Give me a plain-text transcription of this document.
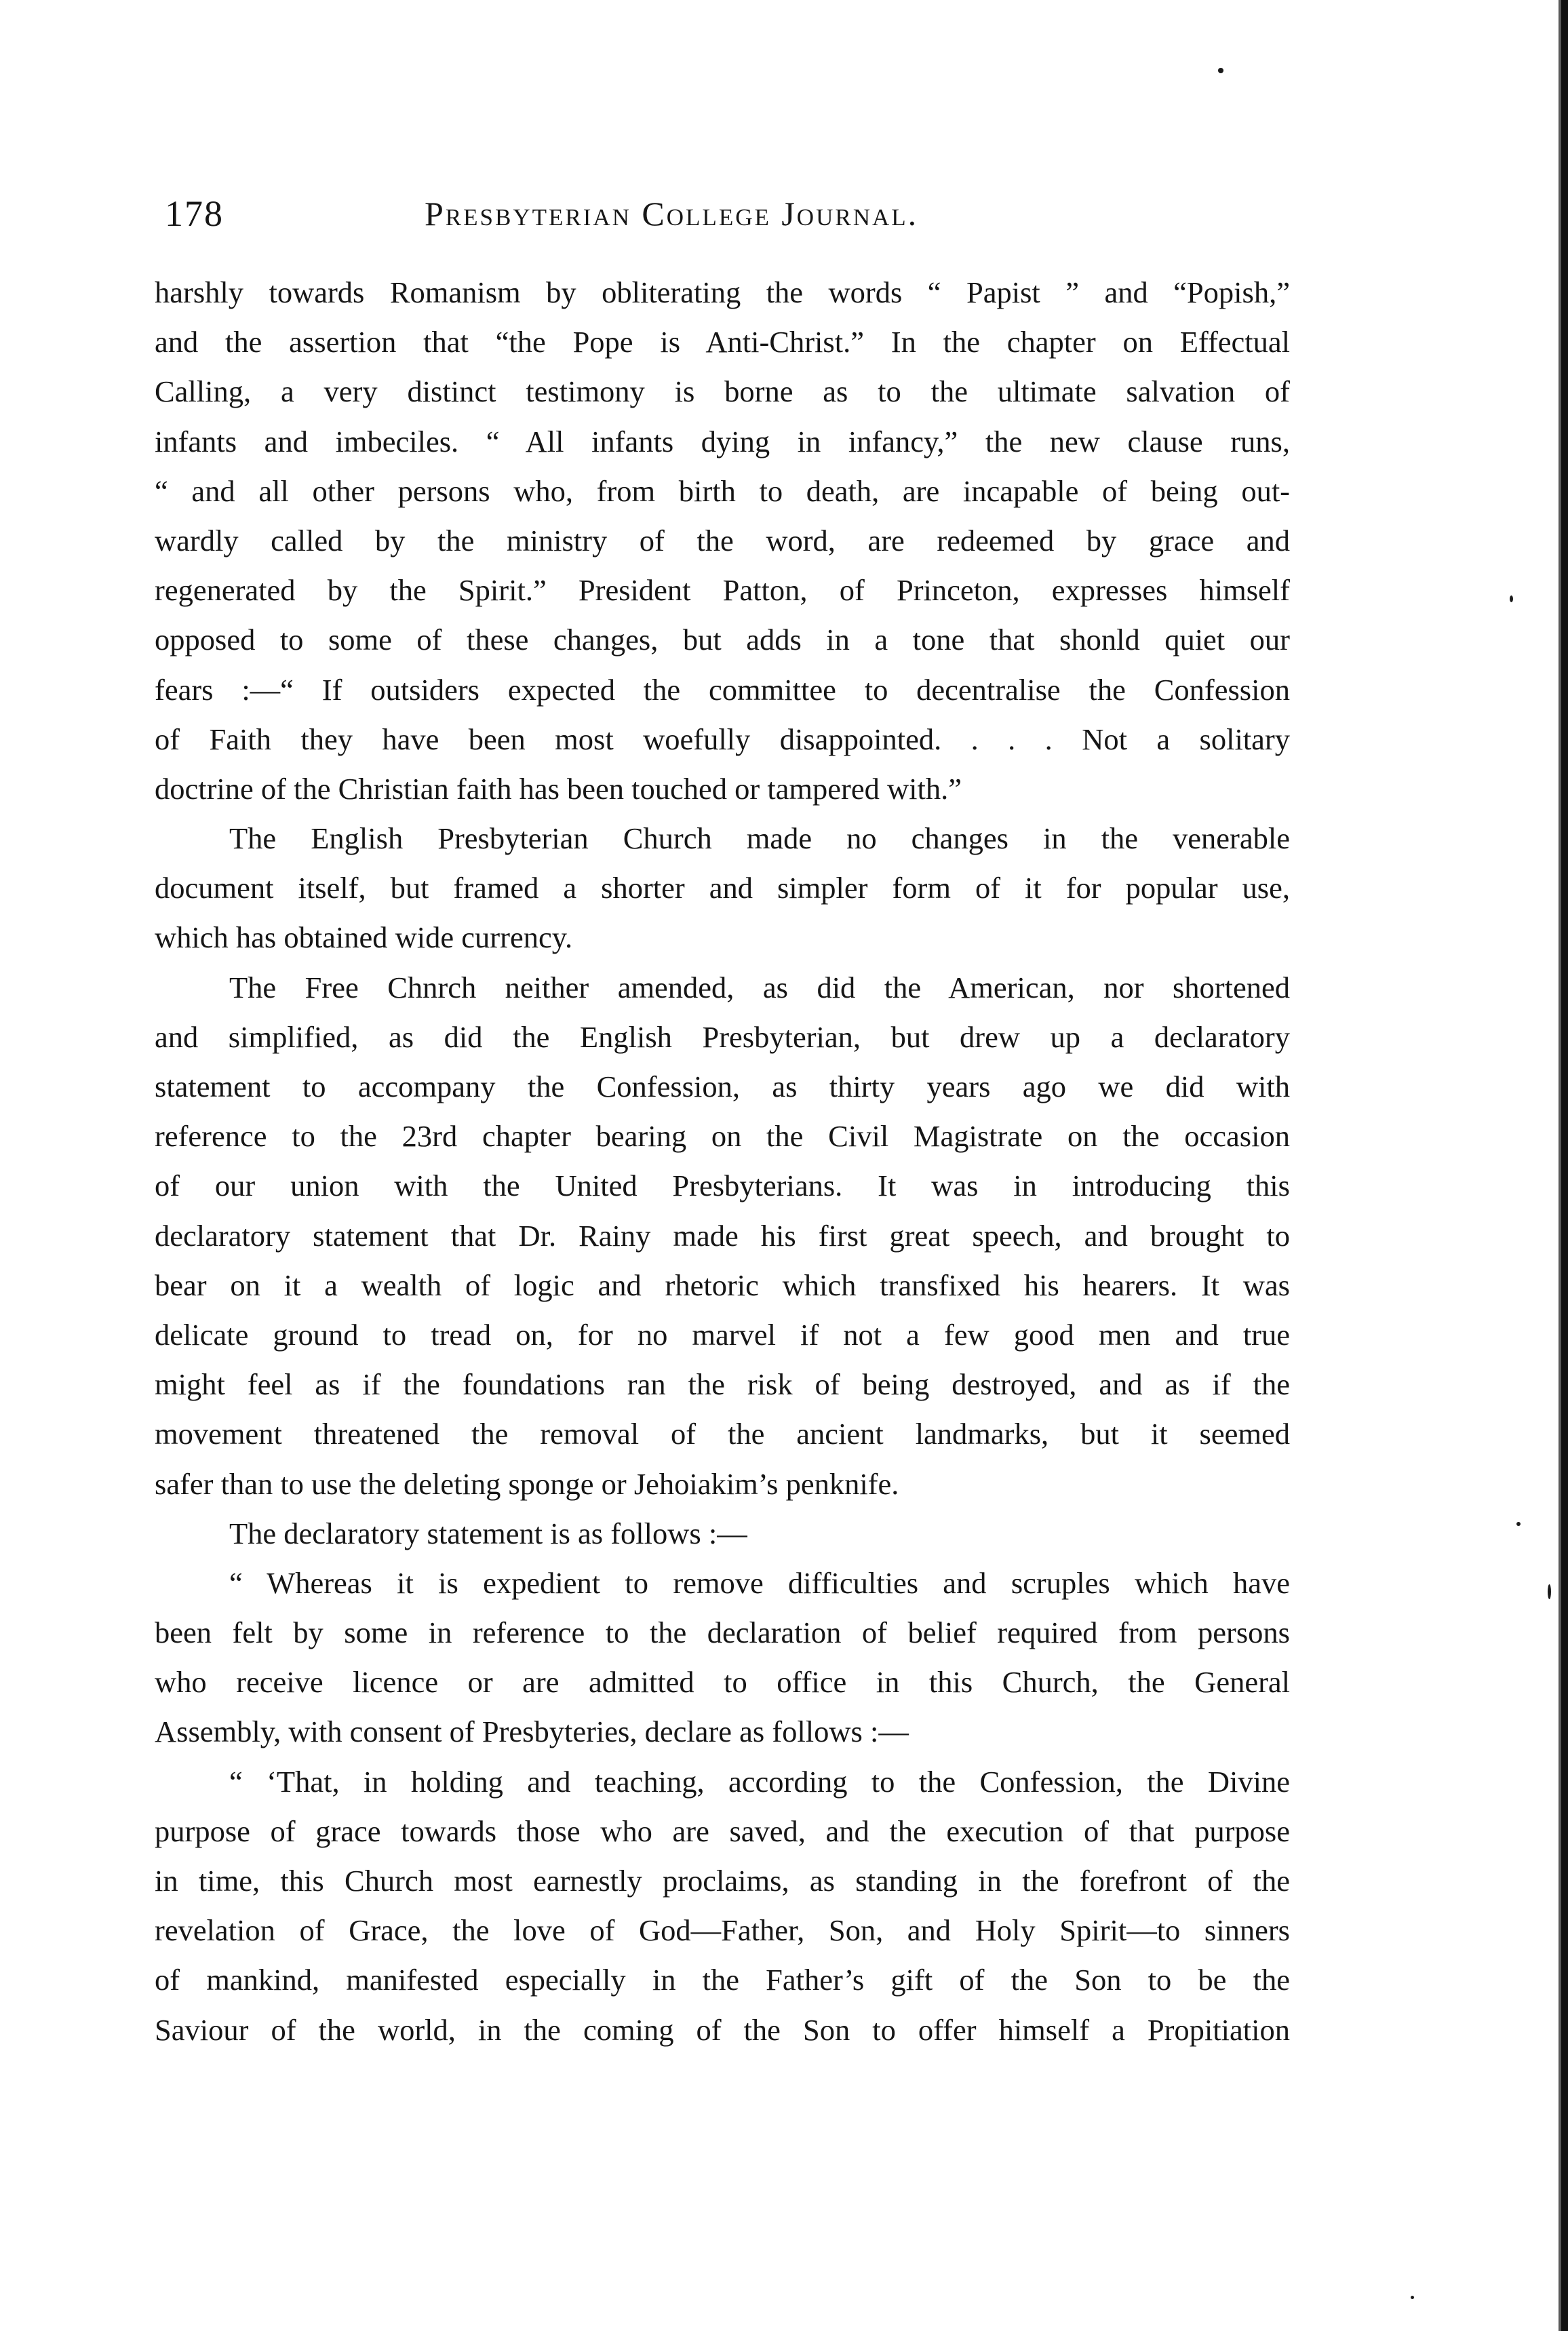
178	Presbyterian College Journal.
harshly towards Romanism by obliterating the words “ Papist ” and “Popish,”
and the assertion that “the Pope is Anti-Christ.” In the chapter on Effectual
Calling, a very distinct testimony is borne as to the ultimate salvation of
infants and imbeciles. “ All infants dying in infancy,” the new clause runs,
“ and all other persons who, from birth to death, are incapable of being out-
wardly called by the ministry of the word, are redeemed by grace and
regenerated by the Spirit.” President Patton, of Princeton, expresses himself
opposed to some of these changes, but adds in a tone that shonld quiet our
fears :—“ If outsiders expected the committee to decentralise the Confession
of Faith they have been most woefully disappointed. . . . Not a solitary
doctrine of the Christian faith has been touched or tampered with.”
The English Presbyterian Church made no changes in the venerable
document itself, but framed a shorter and simpler form of it for popular use,
which has obtained wide currency.
The Free Chnrch neither amended, as did the American, nor shortened
and simplified, as did the English Presbyterian, but drew up a declaratory
statement to accompany the Confession, as thirty years ago we did with
reference to the 23rd chapter bearing on the Civil Magistrate on the occasion
of our union with the United Presbyterians. It was in introducing this
declaratory statement that Dr. Rainy made his first great speech, and brought to
bear on it a wealth of logic and rhetoric which transfixed his hearers. It was
delicate ground to tread on, for no marvel if not a few good men and true
might feel as if the foundations ran the risk of being destroyed, and as if the
movement threatened the removal of the ancient landmarks, but it seemed
safer than to use the deleting sponge or Jehoiakim’s penknife.
The declaratory statement is as follows :—
“ Whereas it is expedient to remove difficulties and scruples which have
been felt by some in reference to the declaration of belief required from persons
who receive licence or are admitted to office in this Church, the General
Assembly, with consent of Presbyteries, declare as follows :—
“ ‘That, in holding and teaching, according to the Confession, the Divine
purpose of grace towards those who are saved, and the execution of that purpose
in time, this Church most earnestly proclaims, as standing in the forefront of the
revelation of Grace, the love of God—Father, Son, and Holy Spirit—to sinners
of mankind, manifested especially in the Father’s gift of the Son to be the
Saviour of the world, in the coming of the Son to offer himself a Propitiation
